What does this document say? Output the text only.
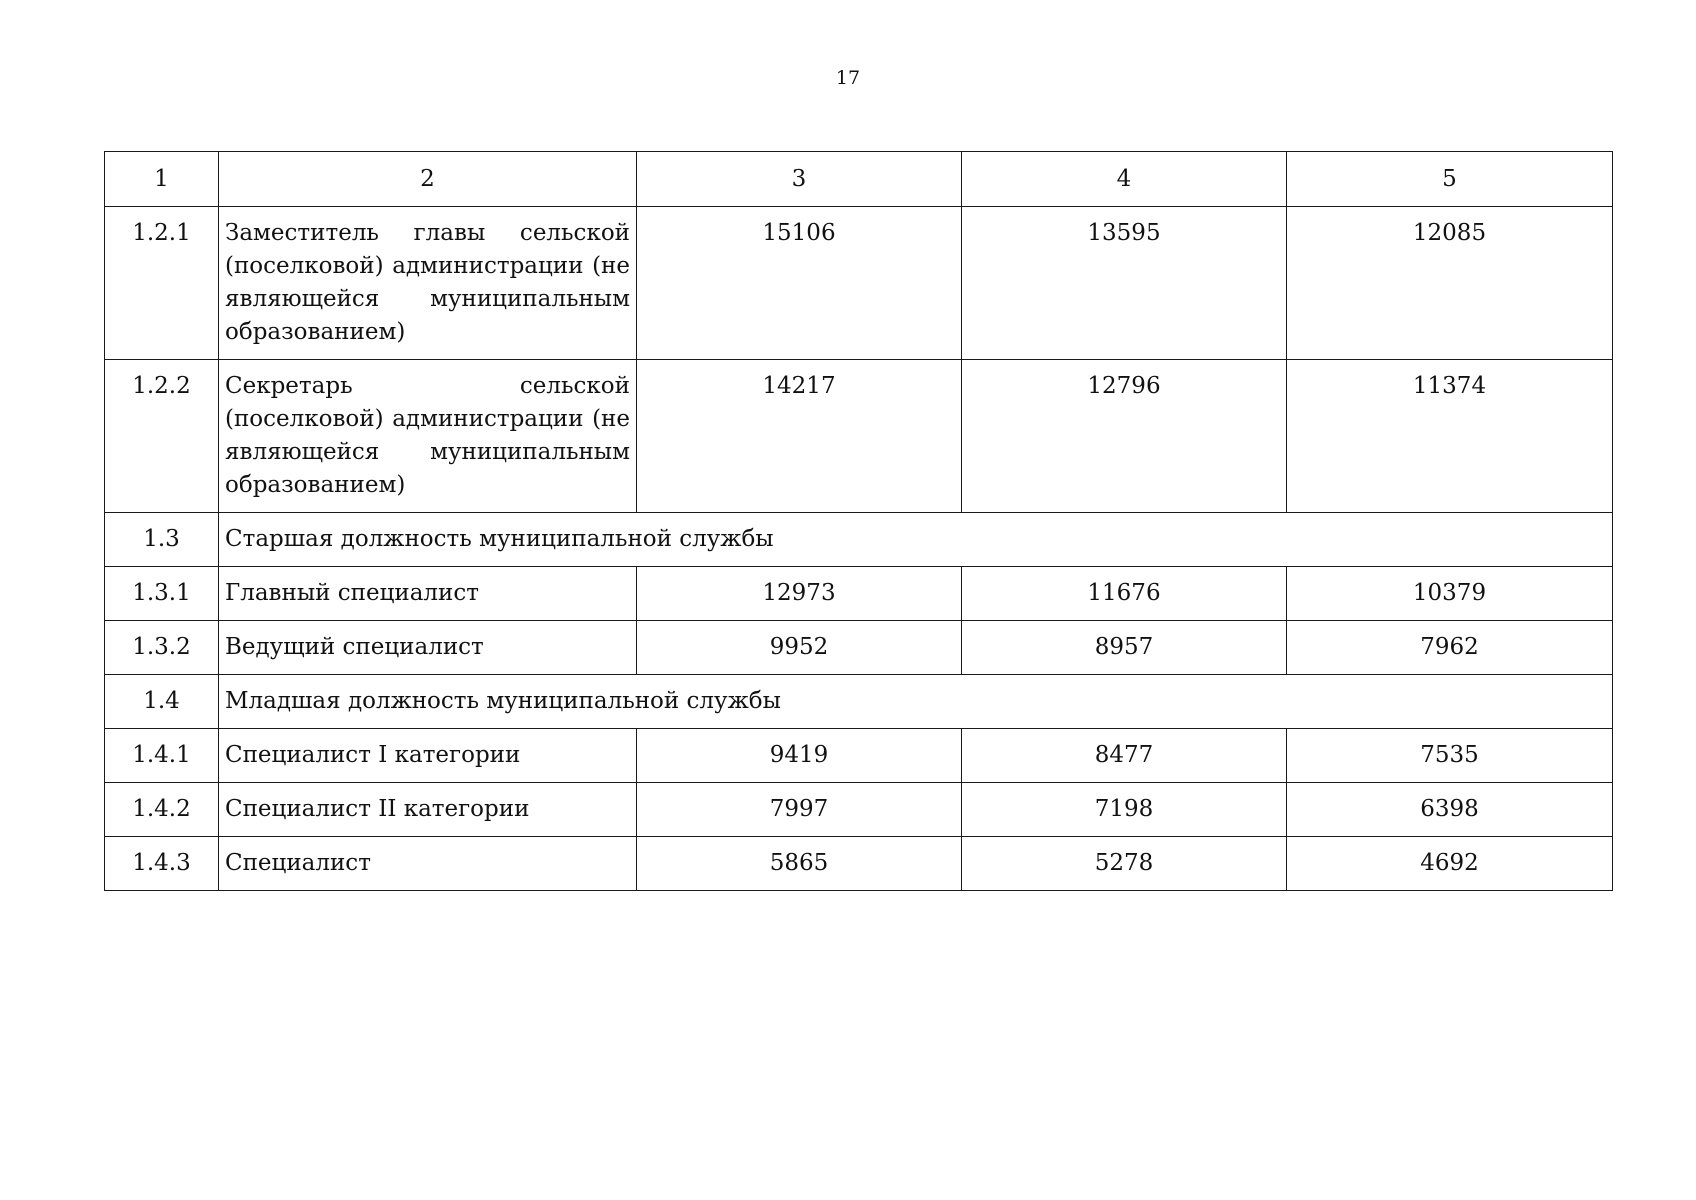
17
1	2	3	4	5
1.2.1	Заместитель главы сельской (поселковой) администрации (не являющейся муниципальным образованием)	15106	13595	12085
1.2.2	Секретарь сельской (поселковой) администрации (не являющейся муниципальным образованием)	14217	12796	11374
1.3	Старшая должность муниципальной службы			
1.3.1	Главный специалист	12973	11676	10379
1.3.2	Ведущий специалист	9952	8957	7962
1.4	Младшая должность муниципальной службы			
1.4.1	Специалист I категории	9419	8477	7535
1.4.2	Специалист II категории	7997	7198	6398
1.4.3	Специалист	5865	5278	4692
